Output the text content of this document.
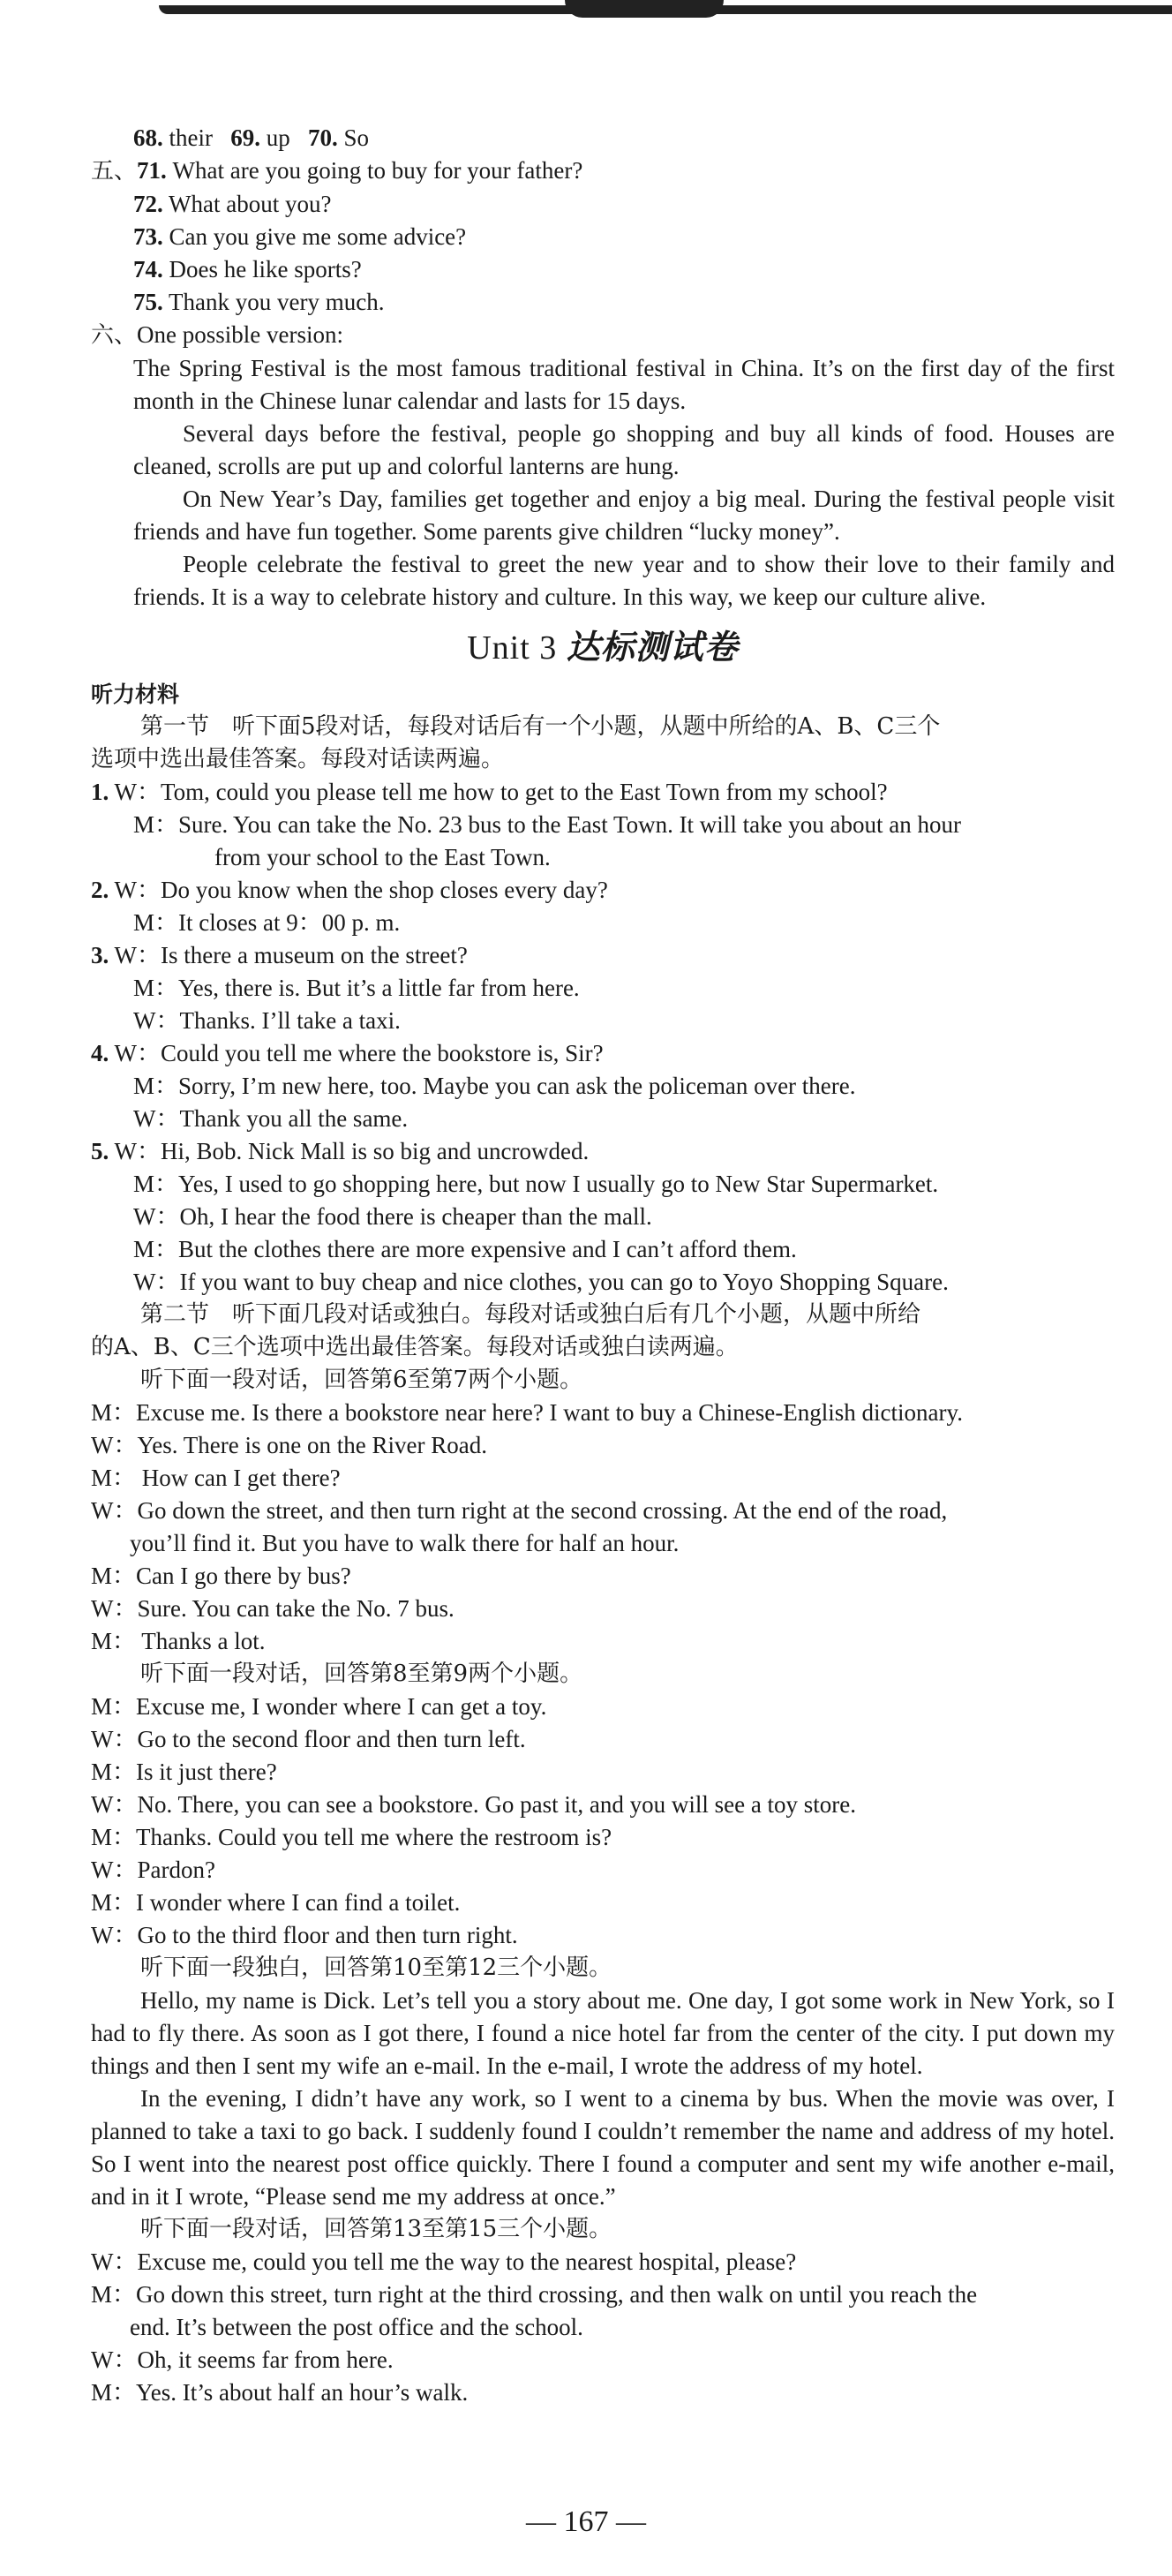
68. their 69. up 70. So
五、71. What are you going to buy for your father?
72. What about you?
73. Can you give me some advice?
74. Does he like sports?
75. Thank you very much.
六、One possible version:
The Spring Festival is the most famous traditional festival in China. It’s on the first day of the first month in the Chinese lunar calendar and lasts for 15 days.
Several days before the festival, people go shopping and buy all kinds of food. Houses are cleaned, scrolls are put up and colorful lanterns are hung.
On New Year’s Day, families get together and enjoy a big meal. During the festival people visit friends and have fun together. Some parents give children “lucky money”.
People celebrate the festival to greet the new year and to show their love to their family and friends. It is a way to celebrate history and culture. In this way, we keep our culture alive.
Unit 3 达标测试卷
听力材料
第一节　听下面5段对话，每段对话后有一个小题，从题中所给的A、B、C三个
选项中选出最佳答案。每段对话读两遍。
1. W：Tom, could you please tell me how to get to the East Town from my school?
M：Sure. You can take the No. 23 bus to the East Town. It will take you about an hour
from your school to the East Town.
2. W：Do you know when the shop closes every day?
M：It closes at 9：00 p. m.
3. W：Is there a museum on the street?
M：Yes, there is. But it’s a little far from here.
W：Thanks. I’ll take a taxi.
4. W：Could you tell me where the bookstore is, Sir?
M：Sorry, I’m new here, too. Maybe you can ask the policeman over there.
W：Thank you all the same.
5. W：Hi, Bob. Nick Mall is so big and uncrowded.
M：Yes, I used to go shopping here, but now I usually go to New Star Supermarket.
W：Oh, I hear the food there is cheaper than the mall.
M：But the clothes there are more expensive and I can’t afford them.
W：If you want to buy cheap and nice clothes, you can go to Yoyo Shopping Square.
第二节　听下面几段对话或独白。每段对话或独白后有几个小题，从题中所给
的A、B、C三个选项中选出最佳答案。每段对话或独白读两遍。
听下面一段对话，回答第6至第7两个小题。
M：Excuse me. Is there a bookstore near here? I want to buy a Chinese-English dictionary.
W：Yes. There is one on the River Road.
M： How can I get there?
W：Go down the street, and then turn right at the second crossing. At the end of the road,
you’ll find it. But you have to walk there for half an hour.
M：Can I go there by bus?
W：Sure. You can take the No. 7 bus.
M： Thanks a lot.
听下面一段对话，回答第8至第9两个小题。
M：Excuse me, I wonder where I can get a toy.
W：Go to the second floor and then turn left.
M：Is it just there?
W：No. There, you can see a bookstore. Go past it, and you will see a toy store.
M：Thanks. Could you tell me where the restroom is?
W：Pardon?
M：I wonder where I can find a toilet.
W：Go to the third floor and then turn right.
听下面一段独白，回答第10至第12三个小题。
Hello, my name is Dick. Let’s tell you a story about me. One day, I got some work in New York, so I had to fly there. As soon as I got there, I found a nice hotel far from the center of the city. I put down my things and then I sent my wife an e-mail. In the e-mail, I wrote the address of my hotel.
In the evening, I didn’t have any work, so I went to a cinema by bus. When the movie was over, I planned to take a taxi to go back. I suddenly found I couldn’t remember the name and address of my hotel. So I went into the nearest post office quickly. There I found a computer and sent my wife another e-mail, and in it I wrote, “Please send me my address at once.”
听下面一段对话，回答第13至第15三个小题。
W：Excuse me, could you tell me the way to the nearest hospital, please?
M：Go down this street, turn right at the third crossing, and then walk on until you reach the
end. It’s between the post office and the school.
W：Oh, it seems far from here.
M：Yes. It’s about half an hour’s walk.
— 167 —
